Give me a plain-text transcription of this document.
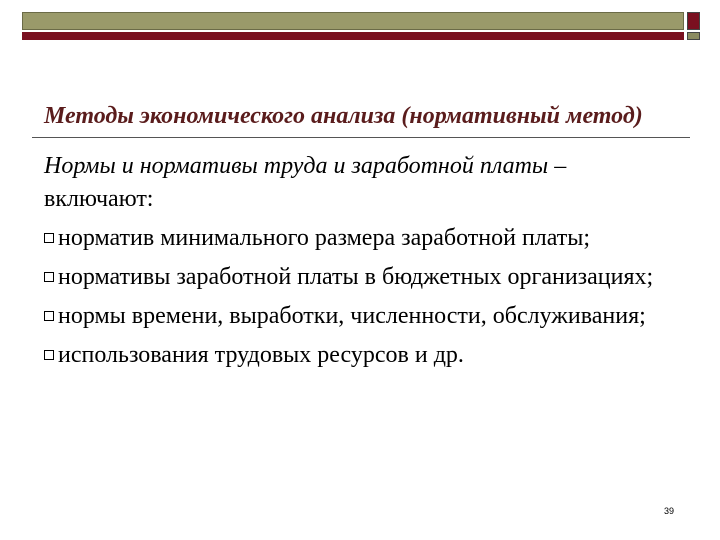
Методы экономического анализа (нормативный метод)
Нормы и нормативы труда и заработной платы –
включают:
норматив минимального размера заработной платы;
нормативы заработной платы в бюджетных организациях;
нормы времени, выработки, численности, обслуживания;
использования трудовых ресурсов и др.
39
